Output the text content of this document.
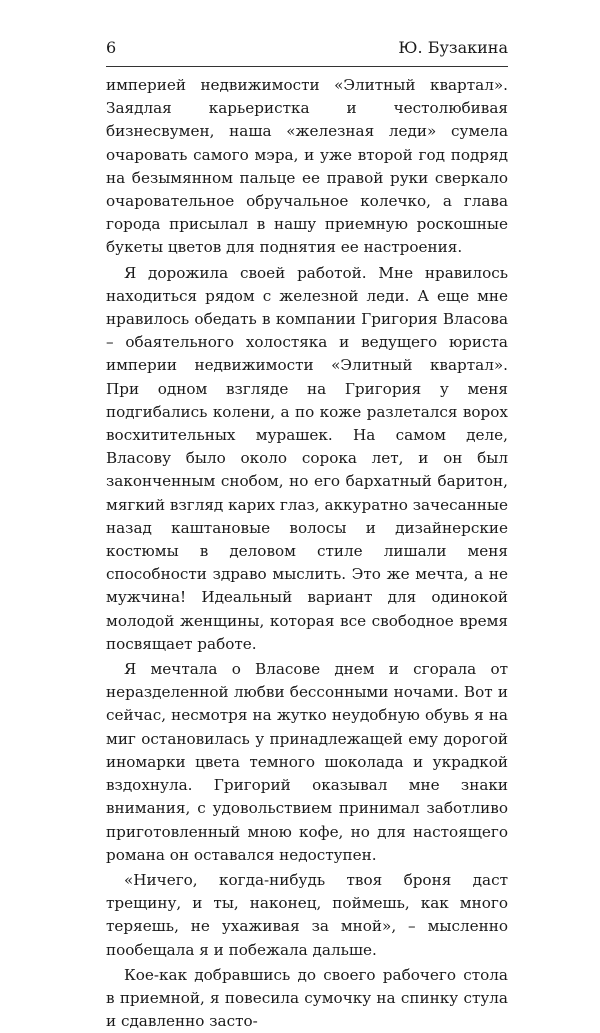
6	Ю. Бузакина

империей недвижимости «Элитный квартал». Заядлая карьеристка и честолюбивая бизнесвумен, наша «железная леди» сумела очаровать самого мэра, и уже второй год подряд на безымянном пальце ее правой руки сверкало очаровательное обручальное колечко, а глава города присылал в нашу приемную роскошные букеты цветов для поднятия ее настроения.

Я дорожила своей работой. Мне нравилось находиться рядом с железной леди. А еще мне нравилось обедать в компании Григория Власова – обаятельного холостяка и ведущего юриста империи недвижимости «Элитный квартал». При одном взгляде на Григория у меня подгибались колени, а по коже разлетался ворох восхитительных мурашек. На самом деле, Власову было около сорока лет, и он был законченным снобом, но его бархатный баритон, мягкий взгляд карих глаз, аккуратно зачесанные назад каштановые волосы и дизайнерские костюмы в деловом стиле лишали меня способности здраво мыслить. Это же мечта, а не мужчина! Идеальный вариант для одинокой молодой женщины, которая все свободное время посвящает работе.

Я мечтала о Власове днем и сгорала от неразделенной любви бессонными ночами. Вот и сейчас, несмотря на жутко неудобную обувь я на миг остановилась у принадлежащей ему дорогой иномарки цвета темного шоколада и украдкой вздохнула. Григорий оказывал мне знаки внимания, с удовольствием принимал заботливо приготовленный мною кофе, но для настоящего романа он оставался недоступен.

«Ничего, когда-нибудь твоя броня даст трещину, и ты, наконец, поймешь, как много теряешь, не ухаживая за мной», – мысленно пообещала я и побежала дальше.

Кое-как добравшись до своего рабочего стола в приемной, я повесила сумочку на спинку стула и сдавленно засто-
